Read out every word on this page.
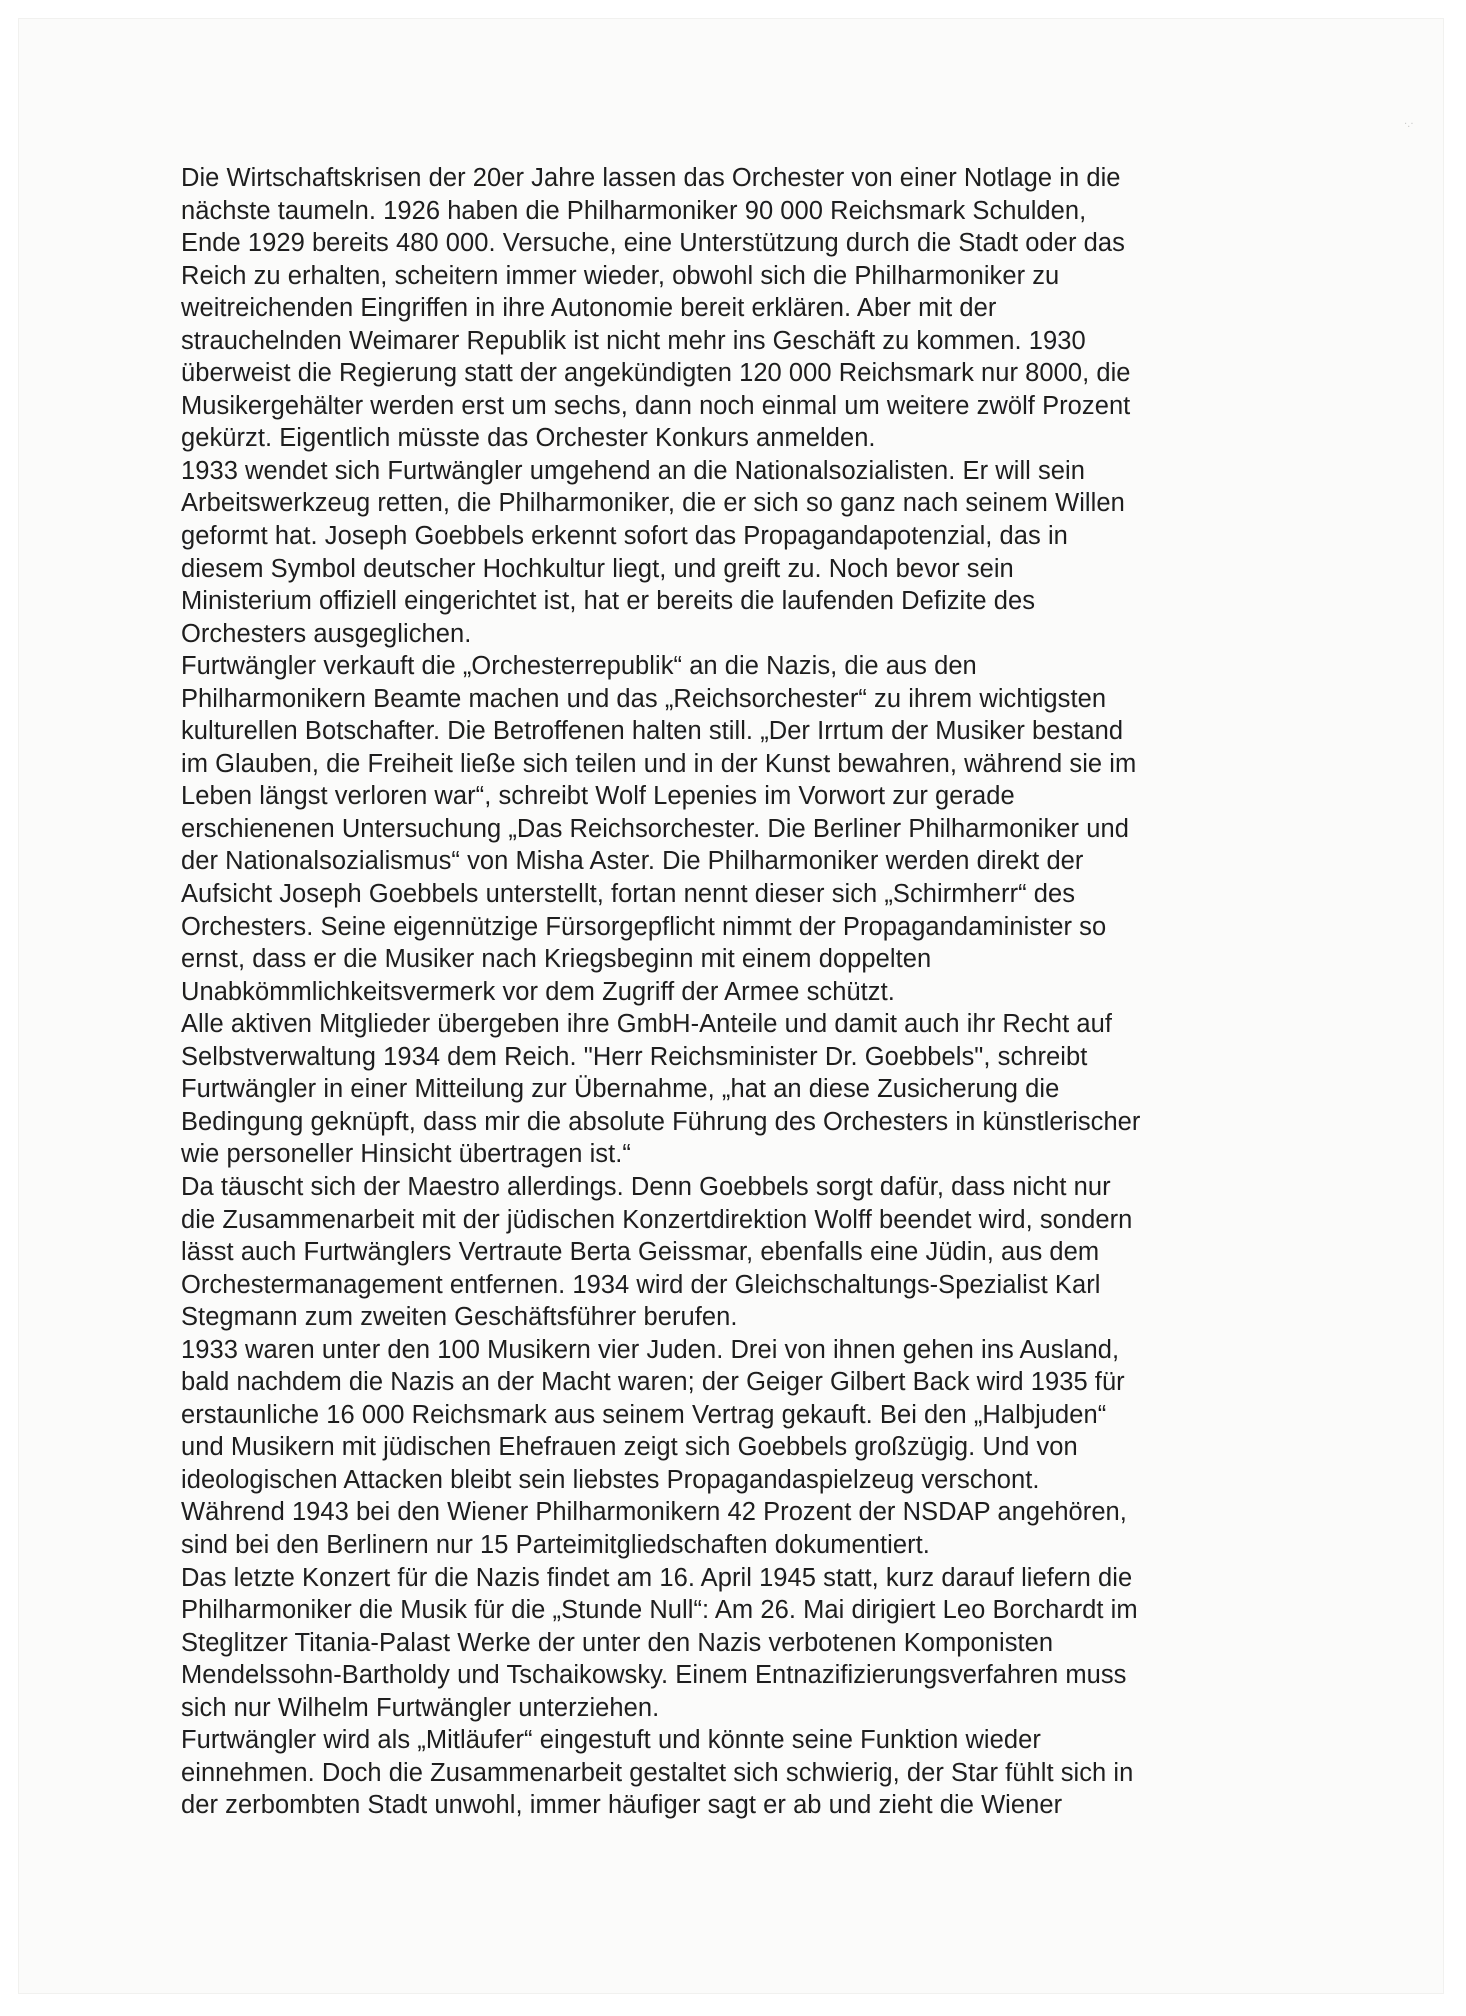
·.·
Die Wirtschaftskrisen der 20er Jahre lassen das Orchester von einer Notlage in die
nächste taumeln. 1926 haben die Philharmoniker 90 000 Reichsmark Schulden,
Ende 1929 bereits 480 000. Versuche, eine Unterstützung durch die Stadt oder das
Reich zu erhalten, scheitern immer wieder, obwohl sich die Philharmoniker zu
weitreichenden Eingriffen in ihre Autonomie bereit erklären. Aber mit der
strauchelnden Weimarer Republik ist nicht mehr ins Geschäft zu kommen. 1930
überweist die Regierung statt der angekündigten 120 000 Reichsmark nur 8000, die
Musikergehälter werden erst um sechs, dann noch einmal um weitere zwölf Prozent
gekürzt. Eigentlich müsste das Orchester Konkurs anmelden.
1933 wendet sich Furtwängler umgehend an die Nationalsozialisten. Er will sein
Arbeitswerkzeug retten, die Philharmoniker, die er sich so ganz nach seinem Willen
geformt hat. Joseph Goebbels erkennt sofort das Propagandapotenzial, das in
diesem Symbol deutscher Hochkultur liegt, und greift zu. Noch bevor sein
Ministerium offiziell eingerichtet ist, hat er bereits die laufenden Defizite des
Orchesters ausgeglichen.
Furtwängler verkauft die „Orchesterrepublik“ an die Nazis, die aus den
Philharmonikern Beamte machen und das „Reichsorchester“ zu ihrem wichtigsten
kulturellen Botschafter. Die Betroffenen halten still. „Der Irrtum der Musiker bestand
im Glauben, die Freiheit ließe sich teilen und in der Kunst bewahren, während sie im
Leben längst verloren war“, schreibt Wolf Lepenies im Vorwort zur gerade
erschienenen Untersuchung „Das Reichsorchester. Die Berliner Philharmoniker und
der Nationalsozialismus“ von Misha Aster. Die Philharmoniker werden direkt der
Aufsicht Joseph Goebbels unterstellt, fortan nennt dieser sich „Schirmherr“ des
Orchesters. Seine eigennützige Fürsorgepflicht nimmt der Propagandaminister so
ernst, dass er die Musiker nach Kriegsbeginn mit einem doppelten
Unabkömmlichkeitsvermerk vor dem Zugriff der Armee schützt.
Alle aktiven Mitglieder übergeben ihre GmbH-Anteile und damit auch ihr Recht auf
Selbstverwaltung 1934 dem Reich. "Herr Reichsminister Dr. Goebbels", schreibt
Furtwängler in einer Mitteilung zur Übernahme, „hat an diese Zusicherung die
Bedingung geknüpft, dass mir die absolute Führung des Orchesters in künstlerischer
wie personeller Hinsicht übertragen ist.“
Da täuscht sich der Maestro allerdings. Denn Goebbels sorgt dafür, dass nicht nur
die Zusammenarbeit mit der jüdischen Konzertdirektion Wolff beendet wird, sondern
lässt auch Furtwänglers Vertraute Berta Geissmar, ebenfalls eine Jüdin, aus dem
Orchestermanagement entfernen. 1934 wird der Gleichschaltungs-Spezialist Karl
Stegmann zum zweiten Geschäftsführer berufen.
1933 waren unter den 100 Musikern vier Juden. Drei von ihnen gehen ins Ausland,
bald nachdem die Nazis an der Macht waren; der Geiger Gilbert Back wird 1935 für
erstaunliche 16 000 Reichsmark aus seinem Vertrag gekauft. Bei den „Halbjuden“
und Musikern mit jüdischen Ehefrauen zeigt sich Goebbels großzügig. Und von
ideologischen Attacken bleibt sein liebstes Propagandaspielzeug verschont.
Während 1943 bei den Wiener Philharmonikern 42 Prozent der NSDAP angehören,
sind bei den Berlinern nur 15 Parteimitgliedschaften dokumentiert.
Das letzte Konzert für die Nazis findet am 16. April 1945 statt, kurz darauf liefern die
Philharmoniker die Musik für die „Stunde Null“: Am 26. Mai dirigiert Leo Borchardt im
Steglitzer Titania-Palast Werke der unter den Nazis verbotenen Komponisten
Mendelssohn-Bartholdy und Tschaikowsky. Einem Entnazifizierungsverfahren muss
sich nur Wilhelm Furtwängler unterziehen.
Furtwängler wird als „Mitläufer“ eingestuft und könnte seine Funktion wieder
einnehmen. Doch die Zusammenarbeit gestaltet sich schwierig, der Star fühlt sich in
der zerbombten Stadt unwohl, immer häufiger sagt er ab und zieht die Wiener
